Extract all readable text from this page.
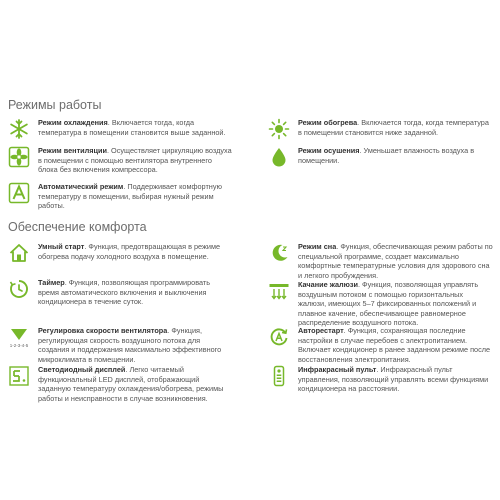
Режимы работы
Режим охлаждения. Включается тогда, когда температура в помещении становится выше заданной.
Режим вентиляции. Осуществляет циркуляцию воздуха в помещении с помощью вентилятора внутреннего блока без включения компрессора.
Автоматический режим. Поддерживает комфортную температуру в помещении, выбирая нужный режим работы.
Режим обогрева. Включается тогда, когда температура в помещении становится ниже заданной.
Режим осушения. Уменьшает влажность воздуха в помещении.
Обеспечение комфорта
Умный старт. Функция, предотвращающая в режиме обогрева подачу холодного воздуха в помещение.
Таймер. Функция, позволяющая программировать время автоматического включения и выключения кондиционера в течение суток.
1-2-3-4-5
Регулировка скорости вентилятора. Функция, регулирующая скорость воздушного потока для создания и поддержания максимально эффективного микроклимата в помещении.
Светодиодный дисплей. Легко читаемый функциональный LED дисплей, отображающий заданную температуру охлаждения/обогрева, режимы работы и неисправности в случае возникновения.
Режим сна. Функция, обеспечивающая режим работы по специальной программе, создает максимально комфортные температурные условия для здорового сна и легкого пробуждения.
Качание жалюзи. Функция, позволяющая управлять воздушным потоком с помощью горизонтальных жалюзи, имеющих 5–7 фиксированных положений и плавное качение, обеспечивающее равномерное распределение воздушного потока.
Авторестарт. Функция, сохраняющая последние настройки в случае перебоев с электропитанием. Включает кондиционер в ранее заданном режиме после восстановления электропитания.
Инфракрасный пульт. Инфракрасный пульт управления, позволяющий управлять всеми функциями кондиционера на расстоянии.
